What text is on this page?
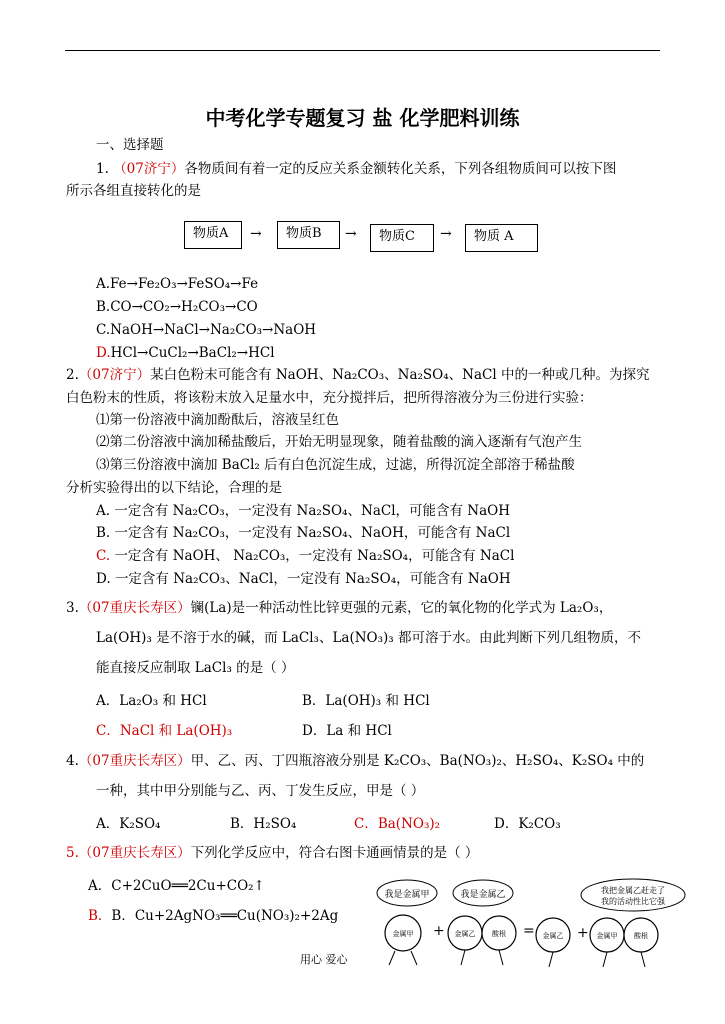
中考化学专题复习 盐 化学肥料训练
一、选择题
1. （07济宁）各物质间有着一定的反应关系金额转化关系，下列各组物质间可以按下图
所示各组直接转化的是
物质A	→	物质B	→	物质C	→	物质 A
A.Fe→Fe₂O₃→FeSO₄→Fe
B.CO→CO₂→H₂CO₃→CO
C.NaOH→NaCl→Na₂CO₃→NaOH
D.HCl→CuCl₂→BaCl₂→HCl
2.（07济宁）某白色粉末可能含有 NaOH、Na₂CO₃、Na₂SO₄、NaCl 中的一种或几种。为探究
白色粉末的性质，将该粉末放入足量水中，充分搅拌后，把所得溶液分为三份进行实验：
⑴第一份溶液中滴加酚酞后，溶液呈红色
⑵第二份溶液中滴加稀盐酸后，开始无明显现象，随着盐酸的滴入逐渐有气泡产生
⑶第三份溶液中滴加 BaCl₂ 后有白色沉淀生成，过滤，所得沉淀全部溶于稀盐酸
分析实验得出的以下结论，合理的是
A. 一定含有 Na₂CO₃，一定没有 Na₂SO₄、NaCl，可能含有 NaOH
B. 一定含有 Na₂CO₃，一定没有 Na₂SO₄、NaOH，可能含有 NaCl
C. 一定含有 NaOH、 Na₂CO₃，一定没有 Na₂SO₄，可能含有 NaCl
D. 一定含有 Na₂CO₃、NaCl，一定没有 Na₂SO₄，可能含有 NaOH
3.（07重庆长寿区）镧(La)是一种活动性比锌更强的元素，它的氧化物的化学式为 La₂O₃，
La(OH)₃ 是不溶于水的碱，而 LaCl₃、La(NO₃)₃ 都可溶于水。由此判断下列几组物质，不
能直接反应制取 LaCl₃ 的是（ ）
A．La₂O₃ 和 HCl	B．La(OH)₃ 和 HCl
C．NaCl 和 La(OH)₃	D．La 和 HCl
4.（07重庆长寿区）甲、乙、丙、丁四瓶溶液分别是 K₂CO₃、Ba(NO₃)₂、H₂SO₄、K₂SO₄ 中的
一种，其中甲分别能与乙、丙、丁发生反应，甲是（ ）
A．K₂SO₄	B．H₂SO₄	C．Ba(NO₃)₂	D．K₂CO₃
5.（07重庆长寿区）下列化学反应中，符合右图卡通画情景的是（ ）
A．C+2CuO══2Cu+CO₂↑
B．B．Cu+2AgNO₃══Cu(NO₃)₂+2Ag
我是金属甲	我是金属乙	我把金属乙赶走了
我的活动性比它强
金属甲 + 金属乙 酸根 = 金属乙 + 金属甲 酸根
用心 爱心
